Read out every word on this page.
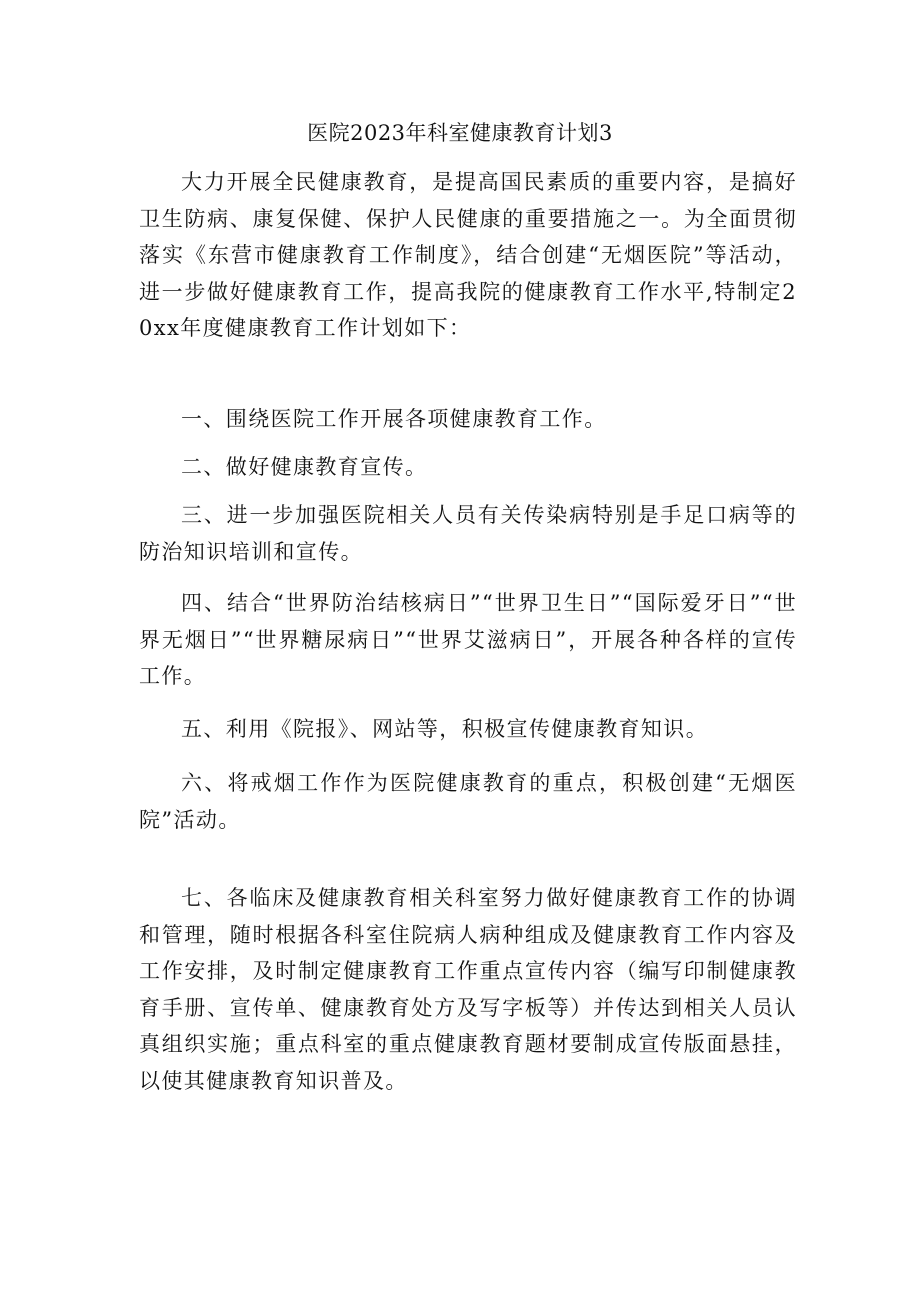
医院2023年科室健康教育计划3

大力开展全民健康教育，是提高国民素质的重要内容，是搞好卫生防病、康复保健、保护人民健康的重要措施之一。为全面贯彻落实《东营市健康教育工作制度》，结合创建“无烟医院”等活动，进一步做好健康教育工作，提高我院的健康教育工作水平,特制定20xx年度健康教育工作计划如下：

一、围绕医院工作开展各项健康教育工作。

二、做好健康教育宣传。

三、进一步加强医院相关人员有关传染病特别是手足口病等的防治知识培训和宣传。

四、结合“世界防治结核病日”“世界卫生日”“国际爱牙日”“世界无烟日”“世界糖尿病日”“世界艾滋病日”，开展各种各样的宣传工作。

五、利用《院报》、网站等，积极宣传健康教育知识。

六、将戒烟工作作为医院健康教育的重点，积极创建“无烟医院”活动。

七、各临床及健康教育相关科室努力做好健康教育工作的协调和管理，随时根据各科室住院病人病种组成及健康教育工作内容及工作安排，及时制定健康教育工作重点宣传内容（编写印制健康教育手册、宣传单、健康教育处方及写字板等）并传达到相关人员认真组织实施；重点科室的重点健康教育题材要制成宣传版面悬挂，以使其健康教育知识普及。
